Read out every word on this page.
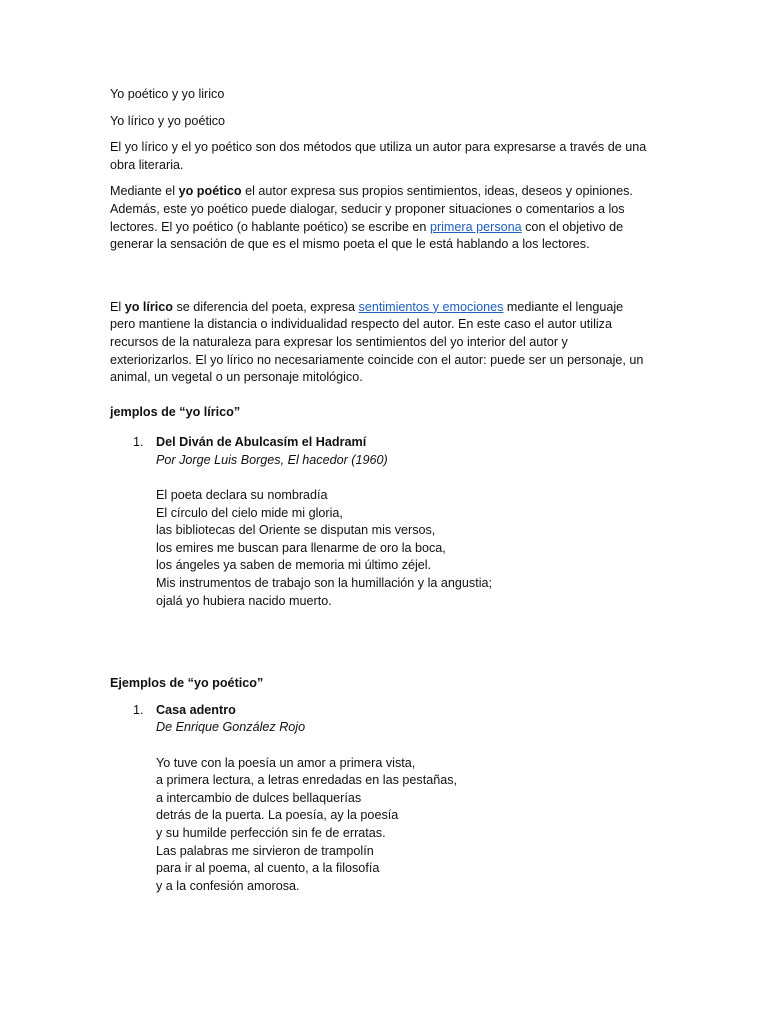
Yo poético y yo lirico

Yo lírico y yo poético

El yo lírico y el yo poético son dos métodos que utiliza un autor para expresarse a través de una obra literaria.

Mediante el yo poético el autor expresa sus propios sentimientos, ideas, deseos y opiniones. Además, este yo poético puede dialogar, seducir y proponer situaciones o comentarios a los lectores. El yo poético (o hablante poético) se escribe en primera persona con el objetivo de generar la sensación de que es el mismo poeta el que le está hablando a los lectores.

El yo lírico se diferencia del poeta, expresa sentimientos y emociones mediante el lenguaje pero mantiene la distancia o individualidad respecto del autor. En este caso el autor utiliza recursos de la naturaleza para expresar los sentimientos del yo interior del autor y exteriorizarlos. El yo lírico no necesariamente coincide con el autor: puede ser un personaje, un animal, un vegetal o un personaje mitológico.

jemplos de “yo lírico”

1. Del Diván de Abulcasím el Hadramí

Por Jorge Luis Borges, El hacedor (1960)

El poeta declara su nombradía

El círculo del cielo mide mi gloria,

las bibliotecas del Oriente se disputan mis versos,

los emires me buscan para llenarme de oro la boca,

los ángeles ya saben de memoria mi último zéjel.

Mis instrumentos de trabajo son la humillación y la angustia;

ojalá yo hubiera nacido muerto.

Ejemplos de “yo poético”

1. Casa adentro

De Enrique González Rojo

Yo tuve con la poesía un amor a primera vista,

a primera lectura, a letras enredadas en las pestañas,

a intercambio de dulces bellaquerías

detrás de la puerta. La poesía, ay la poesía

y su humilde perfección sin fe de erratas.

Las palabras me sirvieron de trampolín

para ir al poema, al cuento, a la filosofía

y a la confesión amorosa.
